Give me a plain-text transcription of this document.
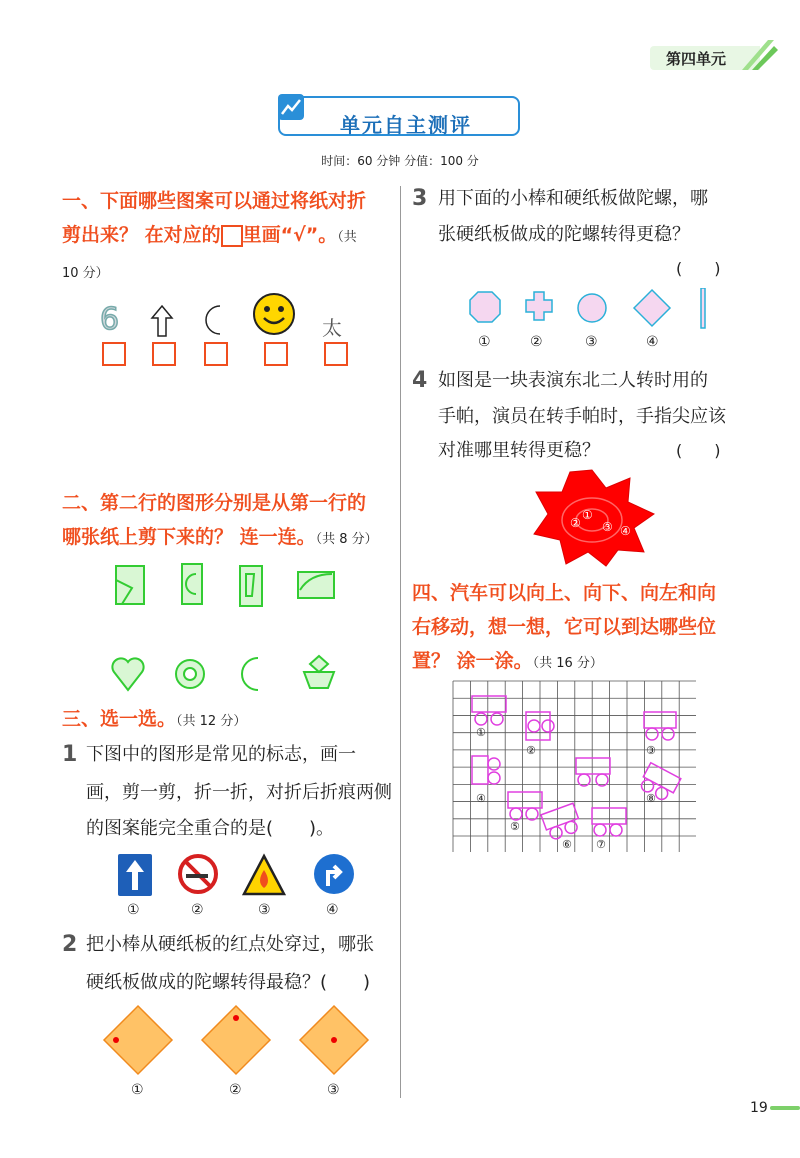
第四单元
单元自主测评
时间：60 分钟 分值：100 分
一、下面哪些图案可以通过将纸对折
剪出来？ 在对应的 里画“√”。（共
10 分）
6	太
二、第二行的图形分别是从第一行的
哪张纸上剪下来的？ 连一连。（共 8 分）
三、选一选。（共 12 分）
1 下图中的图形是常见的标志，画一
画，剪一剪，折一折，对折后折痕两侧
的图案能完全重合的是(　　)。
①	②	③	④
2 把小棒从硬纸板的红点处穿过，哪张
硬纸板做成的陀螺转得最稳？(　　)
①	②	③
3 用下面的小棒和硬纸板做陀螺，哪
张硬纸板做成的陀螺转得更稳？
(　　)
①	②	③	④
4 如图是一块表演东北二人转时用的
手帕，演员在转手帕时，手指尖应该
对准哪里转得更稳？	(　　)
①
② ③ ④
四、汽车可以向上、向下、向左和向
右移动，想一想，它可以到达哪些位
置？ 涂一涂。（共 16 分）
①
②	③
④
⑤
⑥ ⑦
⑧
19
